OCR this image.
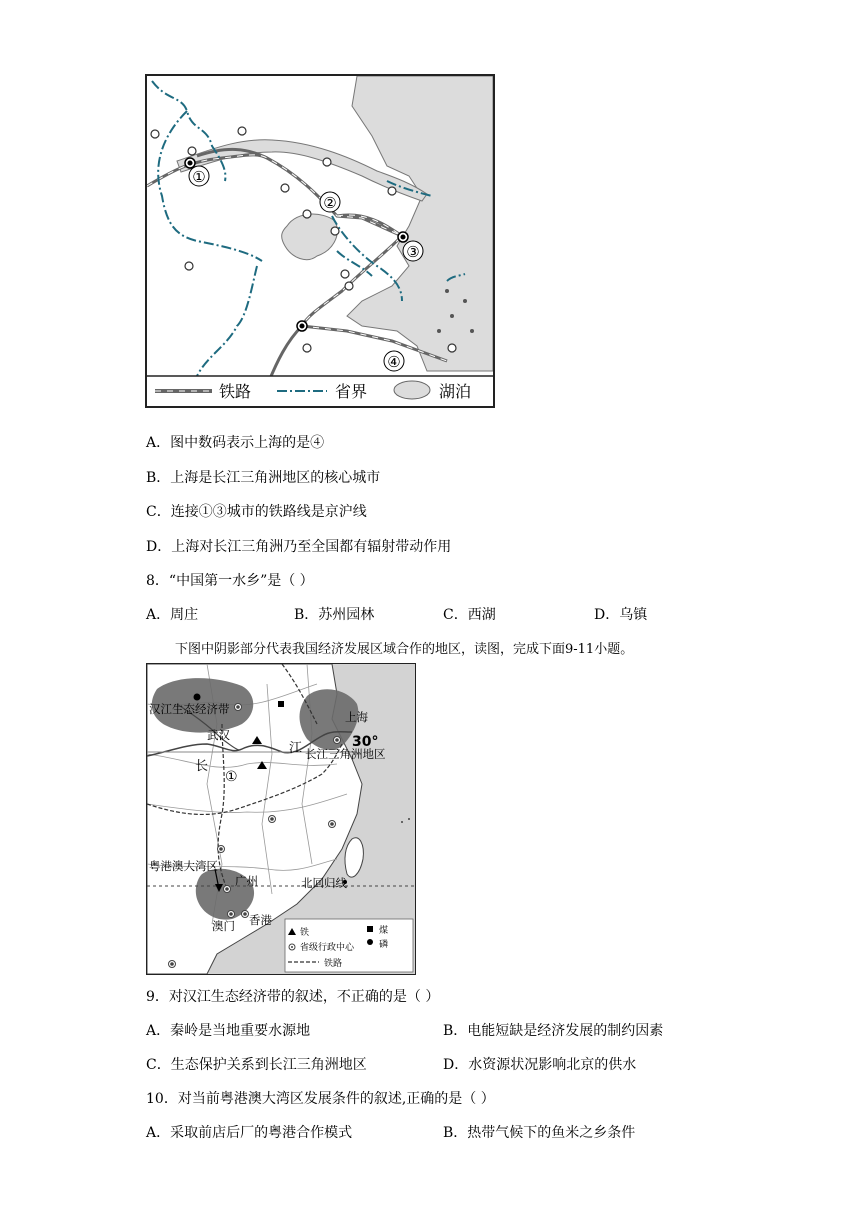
①
②
③
④
铁路	省界	湖泊
A．图中数码表示上海的是④
B．上海是长江三角洲地区的核心城市
C．连接①③城市的铁路线是京沪线
D．上海对长江三角洲乃至全国都有辐射带动作用
8．“中国第一水乡”是（ ）
A．周庄	B．苏州园林	C．西湖	D．乌镇
下图中阴影部分代表我国经济发展区域合作的地区，读图，完成下面9-11小题。
汉江生态经济带
武汉
上海
30°
江 长江三角洲地区
长
①
粤港澳大湾区
广州
香港
澳门
北回归线
铁	煤
省级行政中心	磷
铁路
9．对汉江生态经济带的叙述，不正确的是（ ）
A．秦岭是当地重要水源地	B．电能短缺是经济发展的制约因素
C．生态保护关系到长江三角洲地区	D．水资源状况影响北京的供水
10．对当前粤港澳大湾区发展条件的叙述,正确的是（ ）
A．采取前店后厂的粤港合作模式	B．热带气候下的鱼米之乡条件
